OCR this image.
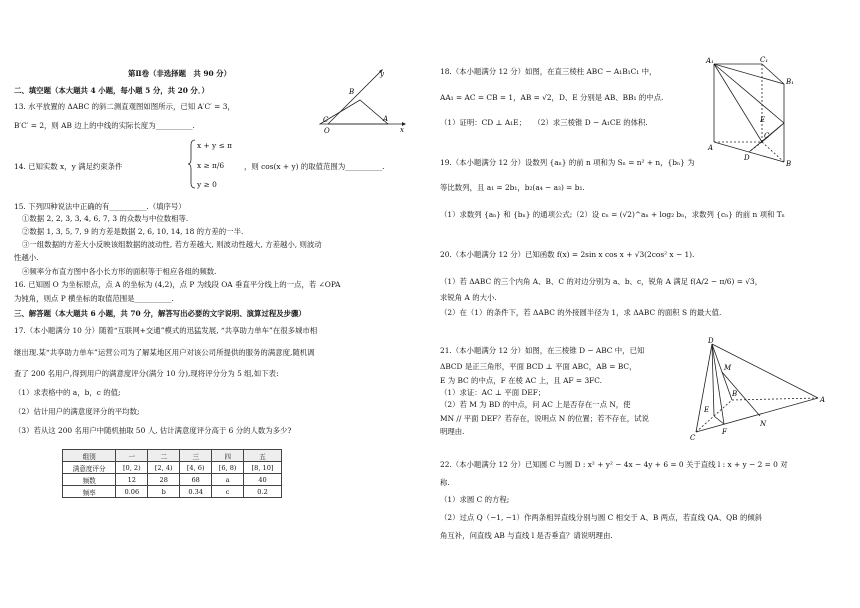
第Ⅱ卷（非选择题　共 90 分）
二、填空题（本大题共 4 小题，每小题 5 分，共 20 分．）
13. 水平放置的 ΔABC 的斜二测直观图如图所示，已知 A′C′ = 3，
B′C′ = 2，则 AB 边上的中线的实际长度为__________.
B
y
C
O
A
x
14. 已知实数 x，y 满足约束条件
x + y ≤ π
x ≥ π/6
y ≥ 0
，则 cos(x + y) 的取值范围为__________.
15. 下列四种说法中正确的有__________.（填序号）
①数据 2, 2, 3, 3, 4, 6, 7, 3 的众数与中位数相等.
②数据 1, 3, 5, 7, 9 的方差是数据 2, 6, 10, 14, 18 的方差的一半.
③一组数据的方差大小反映该组数据的波动性, 若方差越大, 则波动性越大, 方差越小, 则波动
性越小.
④频率分布直方图中各小长方形的面积等于相应各组的频数.
16. 已知圆 O 为坐标原点，点 A 的坐标为 (4,2)，点 P 为线段 OA 垂直平分线上的一点，若 ∠OPA
为钝角，则点 P 横坐标的取值范围是__________.
三、解答题（本大题共 6 小题，共 70 分，解答写出必要的文字说明、演算过程及步骤）
17.（本小题满分 10 分）随着“互联网+交通”模式的迅猛发展, “共享助力单车”在很多城市相
继出现.某“共享助力单车”运营公司为了解某地区用户对该公司所提供的服务的满意度,随机调
查了 200 名用户,得到用户的满意度评分(满分 10 分),现将评分分为 5 组,如下表:
（1）求表格中的 a，b，c 的值;
（2）估计用户的满意度评分的平均数;
（3）若从这 200 名用户中随机抽取 50 人, 估计满意度评分高于 6 分的人数为多少?
组别	一	二	三	四	五
满意度评分	[0, 2)	[2, 4)	[4, 6)	[6, 8)	[8, 10]
频数	12	28	68	a	40
频率	0.06	b	0.34	c	0.2
18.（本小题满分 12 分）如图，在直三棱柱 ABC − A₁B₁C₁ 中，
AA₁ = AC = CB = 1，AB = √2，D、E 分别是 AB、BB₁ 的中点.
（1）证明：CD ⊥ A₁E；　　（2）求三棱锥 D − A₁CE 的体积.
A₁	C₁
B₁
C
E
A
D
B
19.（本小题满分 12 分）设数列 {aₙ} 的前 n 项和为 Sₙ = n² + n，{bₙ} 为
等比数列，且 a₁ = 2b₁，b₂(a₄ − a₃) = b₁.
（1）求数列 {aₙ} 和 {bₙ} 的通项公式;（2）设 cₙ = (√2)^aₙ + log₂ bₙ，求数列 {cₙ} 的前 n 项和 Tₙ
20.（本小题满分 12 分）已知函数 f(x) = 2sin x cos x + √3(2cos² x − 1).
（1）若 ΔABC 的三个内角 A、B、C 的对边分别为 a、b、c，锐角 A 满足 f(A/2 − π/6) = √3，
求锐角 A 的大小.
（2）在（1）的条件下，若 ΔABC 的外接圆半径为 1，求 ΔABC 的面积 S 的最大值.
21.（本小题满分 12 分）如图，在三棱锥 D − ABC 中，已知
ΔBCD 是正三角形，平面 BCD ⊥ 平面 ABC，AB = BC，
E 为 BC 的中点，F 在棱 AC 上，且 AF = 3FC.
（1）求证：AC ⊥ 平面 DEF；
（2）若 M 为 BD 的中点，问 AC 上是否存在一点 N，使
MN // 平面 DEF？若存在，说明点 N 的位置；若不存在，试说
明理由.
D
M
B
E
F
N
C
A
22.（本小题满分 12 分）已知圆 C 与圆 D : x² + y² − 4x − 4y + 6 = 0 关于直线 l : x + y − 2 = 0 对
称.
（1）求圆 C 的方程;
（2）过点 Q（−1, −1）作两条相异直线分别与圆 C 相交于 A、B 两点，若直线 QA、QB 的倾斜
角互补，问直线 AB 与直线 l 是否垂直？请说明理由.
